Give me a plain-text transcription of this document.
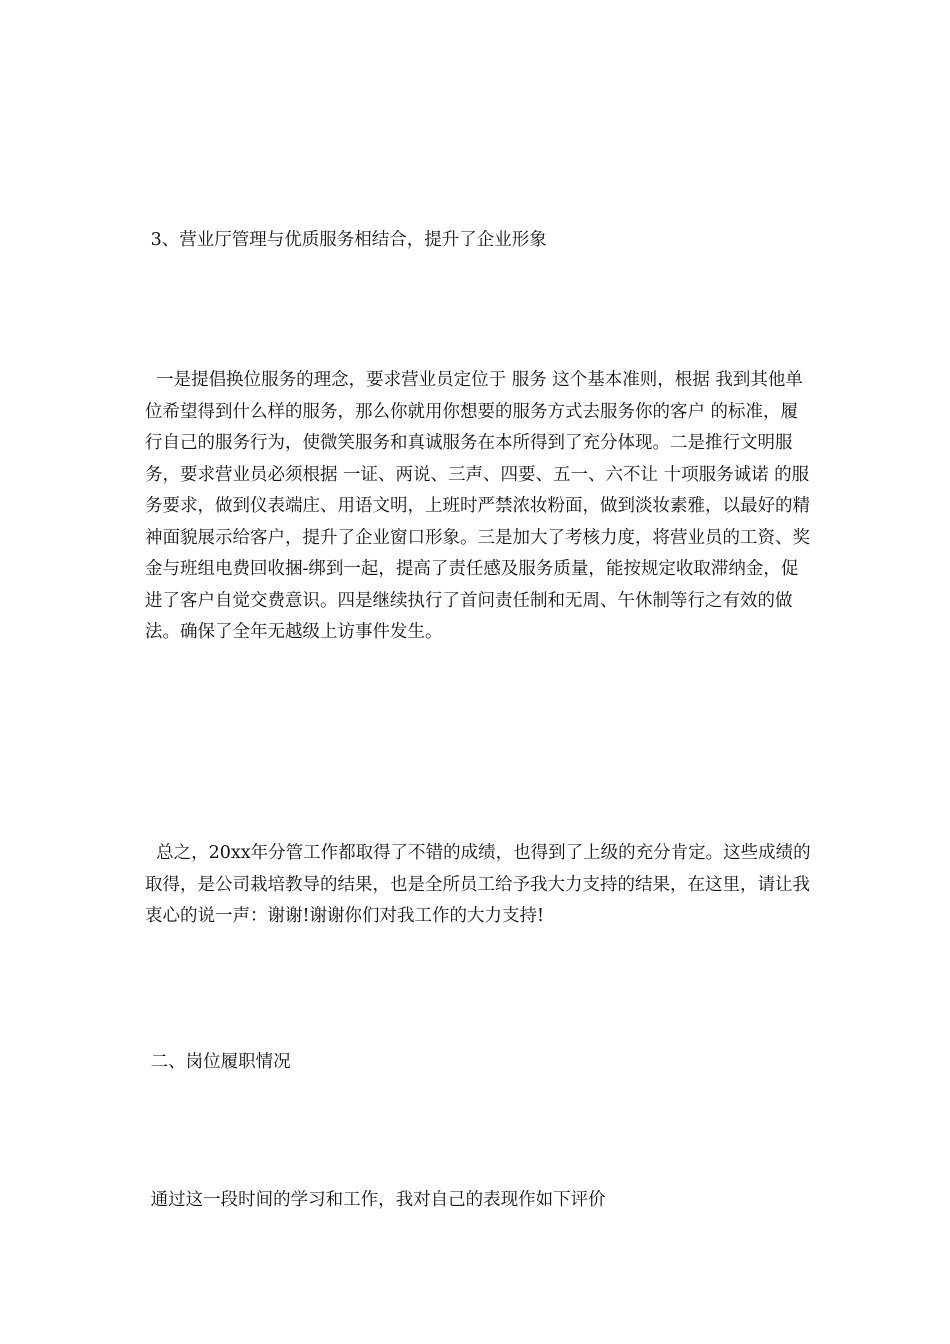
3、营业厅管理与优质服务相结合，提升了企业形象

一是提倡换位服务的理念，要求营业员定位于 服务 这个基本准则，根据 我到其他单位希望得到什么样的服务，那么你就用你想要的服务方式去服务你的客户 的标准，履行自己的服务行为，使微笑服务和真诚服务在本所得到了充分体现。二是推行文明服务，要求营业员必须根据 一证、两说、三声、四要、五一、六不让 十项服务诚诺 的服务要求，做到仪表端庄、用语文明，上班时严禁浓妆粉面，做到淡妆素雅，以最好的精神面貌展示给客户，提升了企业窗口形象。三是加大了考核力度，将营业员的工资、奖金与班组电费回收捆-绑到一起，提高了责任感及服务质量，能按规定收取滞纳金，促进了客户自觉交费意识。四是继续执行了首问责任制和无周、午休制等行之有效的做法。确保了全年无越级上访事件发生。

总之，20xx年分管工作都取得了不错的成绩，也得到了上级的充分肯定。这些成绩的取得，是公司栽培教导的结果，也是全所员工给予我大力支持的结果，在这里，请让我衷心的说一声：谢谢!谢谢你们对我工作的大力支持!

二、岗位履职情况

通过这一段时间的学习和工作，我对自己的表现作如下评价
